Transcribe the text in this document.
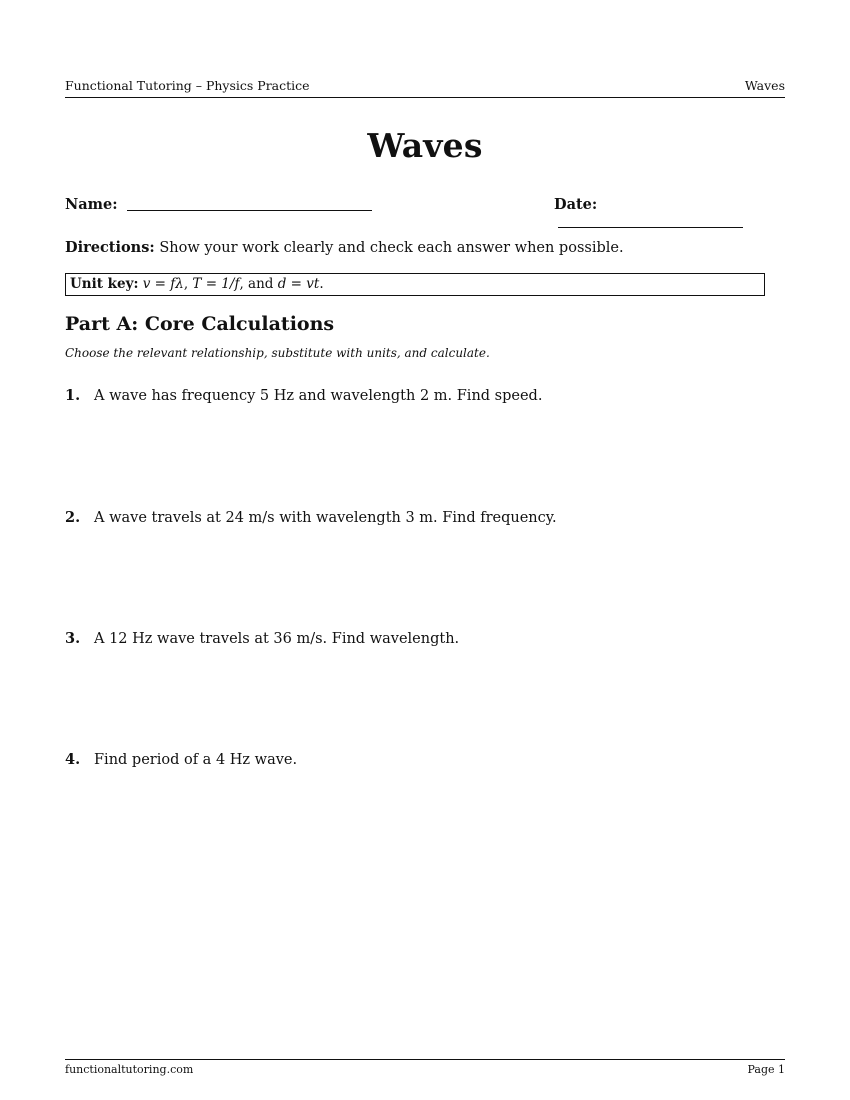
Functional Tutoring – Physics Practice	Waves
Waves
Name:	Date:
Directions: Show your work clearly and check each answer when possible.
Unit key: v = fλ, T = 1/f, and d = vt.
Part A: Core Calculations
Choose the relevant relationship, substitute with units, and calculate.
1. A wave has frequency 5 Hz and wavelength 2 m. Find speed.
2. A wave travels at 24 m/s with wavelength 3 m. Find frequency.
3. A 12 Hz wave travels at 36 m/s. Find wavelength.
4. Find period of a 4 Hz wave.
functionaltutoring.com	Page 1
